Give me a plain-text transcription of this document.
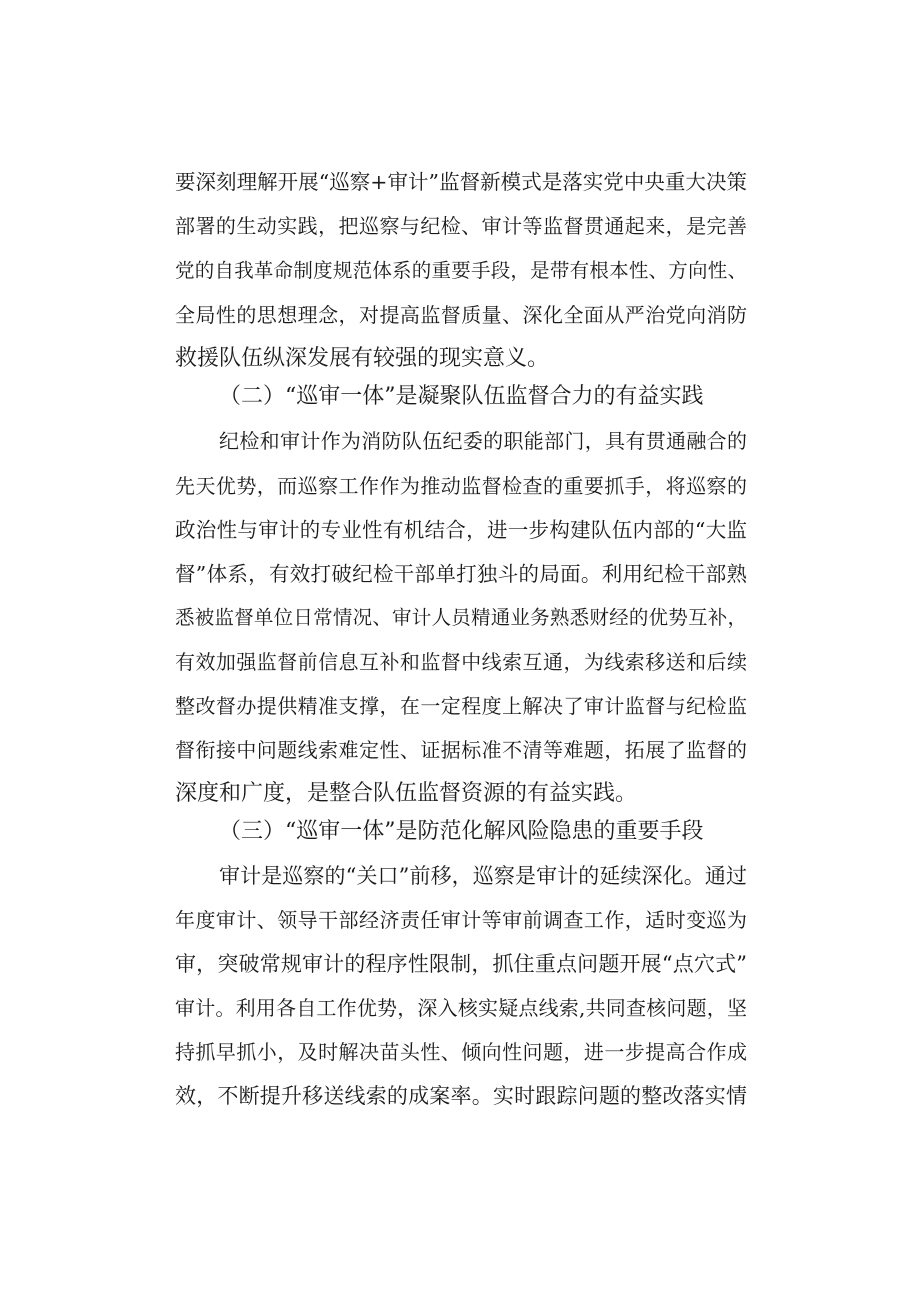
要深刻理解开展“巡察+审计”监督新模式是落实党中央重大决策
部署的生动实践，把巡察与纪检、审计等监督贯通起来，是完善
党的自我革命制度规范体系的重要手段，是带有根本性、方向性、
全局性的思想理念，对提高监督质量、深化全面从严治党向消防
救援队伍纵深发展有较强的现实意义。
（二）“巡审一体”是凝聚队伍监督合力的有益实践
纪检和审计作为消防队伍纪委的职能部门，具有贯通融合的
先天优势，而巡察工作作为推动监督检查的重要抓手，将巡察的
政治性与审计的专业性有机结合，进一步构建队伍内部的“大监
督”体系，有效打破纪检干部单打独斗的局面。利用纪检干部熟
悉被监督单位日常情况、审计人员精通业务熟悉财经的优势互补，
有效加强监督前信息互补和监督中线索互通，为线索移送和后续
整改督办提供精准支撑，在一定程度上解决了审计监督与纪检监
督衔接中问题线索难定性、证据标准不清等难题，拓展了监督的
深度和广度，是整合队伍监督资源的有益实践。
（三）“巡审一体”是防范化解风险隐患的重要手段
审计是巡察的“关口”前移，巡察是审计的延续深化。通过
年度审计、领导干部经济责任审计等审前调查工作，适时变巡为
审，突破常规审计的程序性限制，抓住重点问题开展“点穴式”
审计。利用各自工作优势，深入核实疑点线索,共同查核问题，坚
持抓早抓小，及时解决苗头性、倾向性问题，进一步提高合作成
效，不断提升移送线索的成案率。实时跟踪问题的整改落实情
